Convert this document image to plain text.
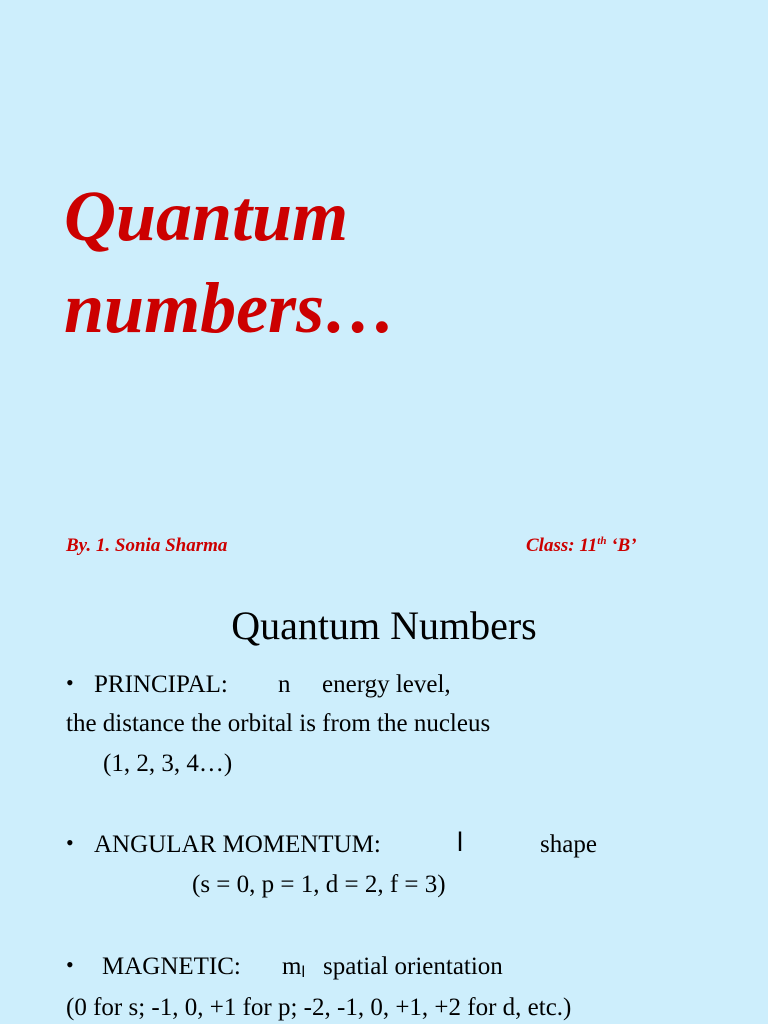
Quantum
numbers…
By. 1. Sonia Sharma	Class: 11th ‘B’
Quantum Numbers
• PRINCIPAL: n energy level,
the distance the orbital is from the nucleus
(1, 2, 3, 4…)
• ANGULAR MOMENTUM:	l	shape
(s = 0, p = 1, d = 2, f = 3)
• MAGNETIC: ml spatial orientation
(0 for s; -1, 0, +1 for p; -2, -1, 0, +1, +2 for d, etc.)
